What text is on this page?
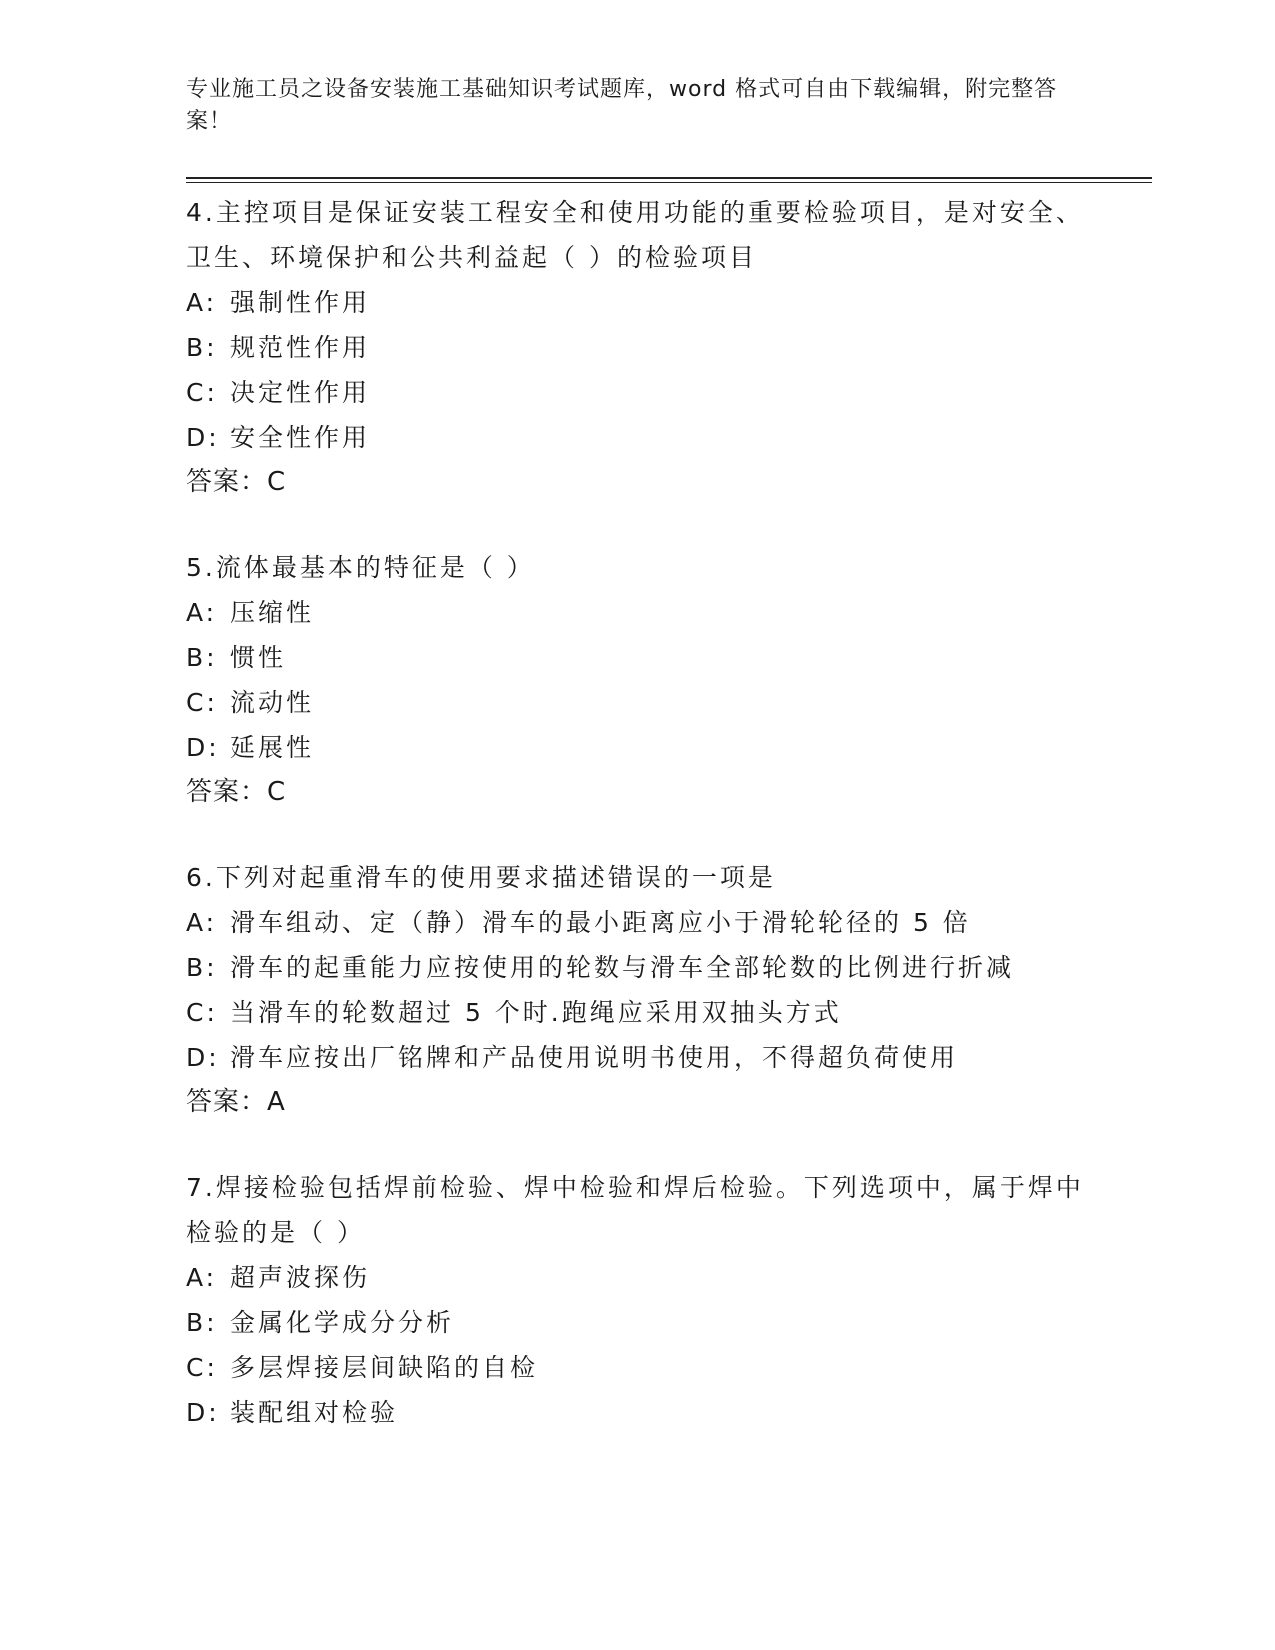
专业施工员之设备安装施工基础知识考试题库，word 格式可自由下载编辑，附完整答案！

4.主控项目是保证安装工程安全和使用功能的重要检验项目，是对安全、卫生、环境保护和公共利益起（ ）的检验项目

A: 强制性作用

B: 规范性作用

C: 决定性作用

D: 安全性作用

答案：C

5.流体最基本的特征是（ ）

A: 压缩性

B: 惯性

C: 流动性

D: 延展性

答案：C

6.下列对起重滑车的使用要求描述错误的一项是

A: 滑车组动、定（静）滑车的最小距离应小于滑轮轮径的 5 倍

B: 滑车的起重能力应按使用的轮数与滑车全部轮数的比例进行折减

C: 当滑车的轮数超过 5 个时.跑绳应采用双抽头方式

D: 滑车应按出厂铭牌和产品使用说明书使用，不得超负荷使用

答案：A

7.焊接检验包括焊前检验、焊中检验和焊后检验。下列选项中，属于焊中检验的是（ ）

A: 超声波探伤

B: 金属化学成分分析

C: 多层焊接层间缺陷的自检

D: 装配组对检验
